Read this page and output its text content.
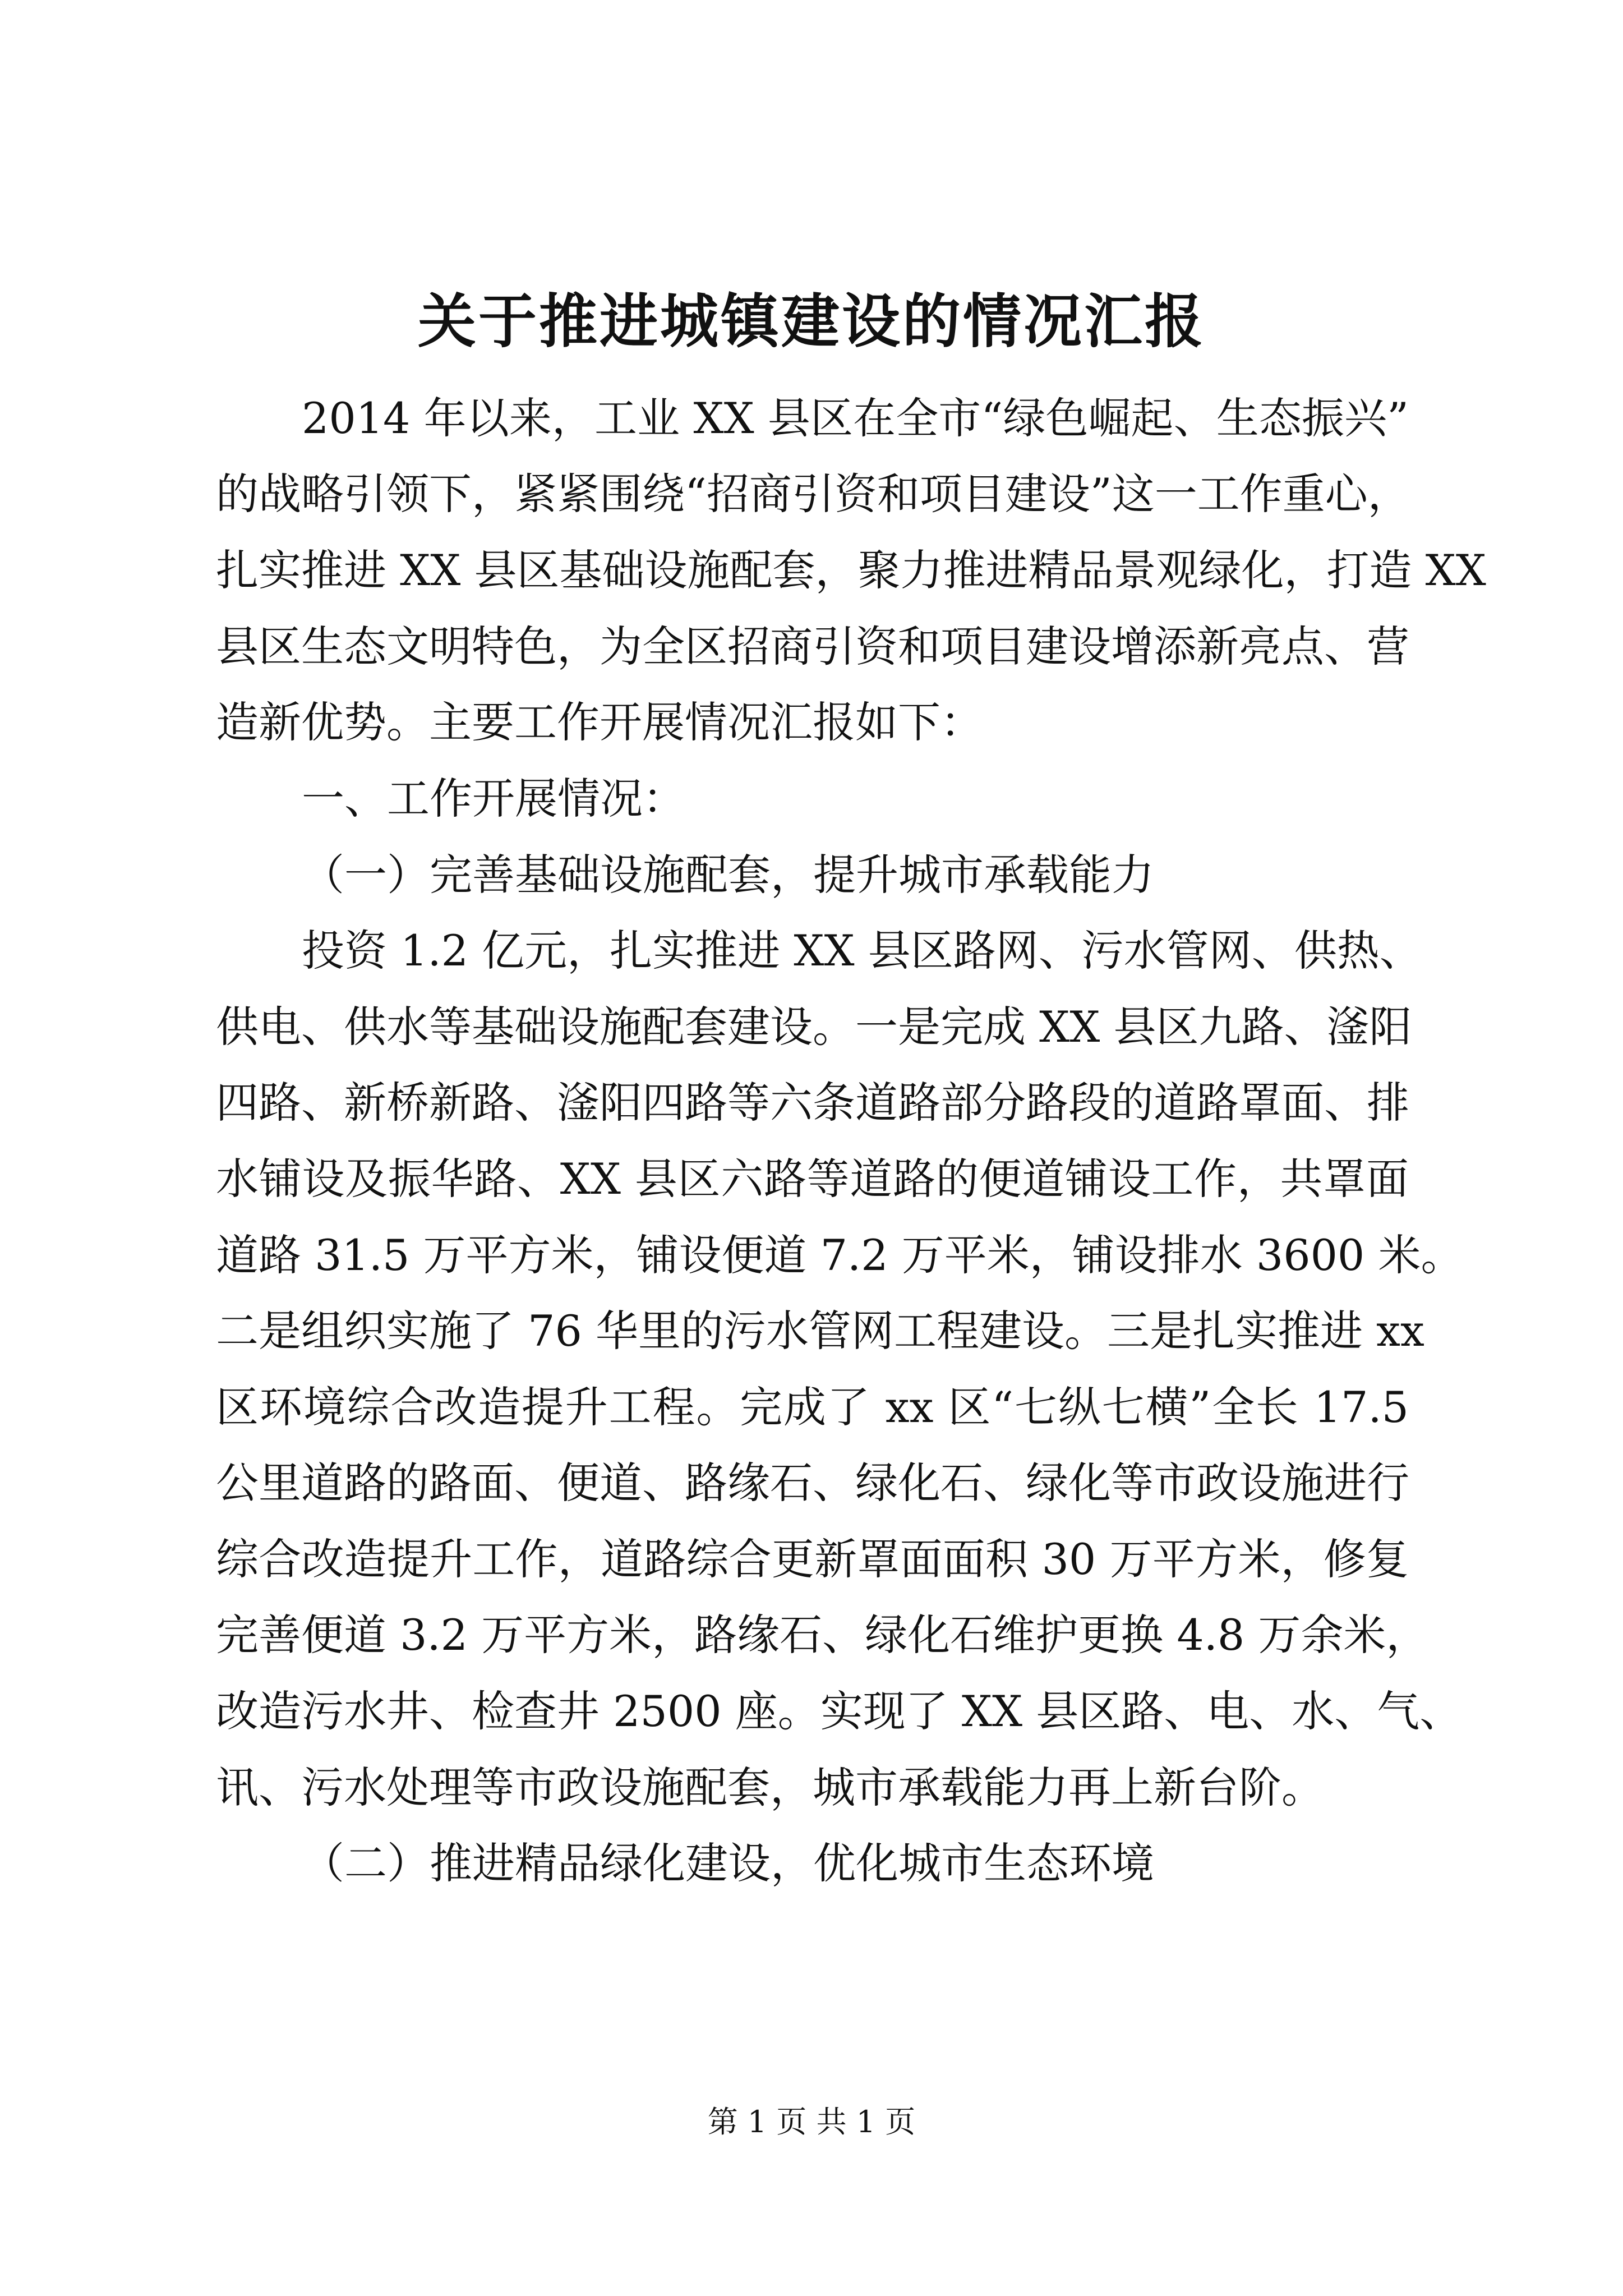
关于推进城镇建设的情况汇报
2014 年以来，工业 XX 县区在全市“绿色崛起、生态振兴”
的战略引领下，紧紧围绕“招商引资和项目建设”这一工作重心，
扎实推进 XX 县区基础设施配套，聚力推进精品景观绿化，打造 XX
县区生态文明特色，为全区招商引资和项目建设增添新亮点、营
造新优势。主要工作开展情况汇报如下：
一、工作开展情况：
（一）完善基础设施配套，提升城市承载能力
投资 1.2 亿元，扎实推进 XX 县区路网、污水管网、供热、
供电、供水等基础设施配套建设。一是完成 XX 县区九路、滏阳
四路、新桥新路、滏阳四路等六条道路部分路段的道路罩面、排
水铺设及振华路、XX 县区六路等道路的便道铺设工作，共罩面
道路 31.5 万平方米，铺设便道 7.2 万平米，铺设排水 3600 米。
二是组织实施了 76 华里的污水管网工程建设。三是扎实推进 xx
区环境综合改造提升工程。完成了 xx 区“七纵七横”全长 17.5
公里道路的路面、便道、路缘石、绿化石、绿化等市政设施进行
综合改造提升工作，道路综合更新罩面面积 30 万平方米，修复
完善便道 3.2 万平方米，路缘石、绿化石维护更换 4.8 万余米，
改造污水井、检查井 2500 座。实现了 XX 县区路、电、水、气、
讯、污水处理等市政设施配套，城市承载能力再上新台阶。
（二）推进精品绿化建设，优化城市生态环境
第 1 页 共 1 页
